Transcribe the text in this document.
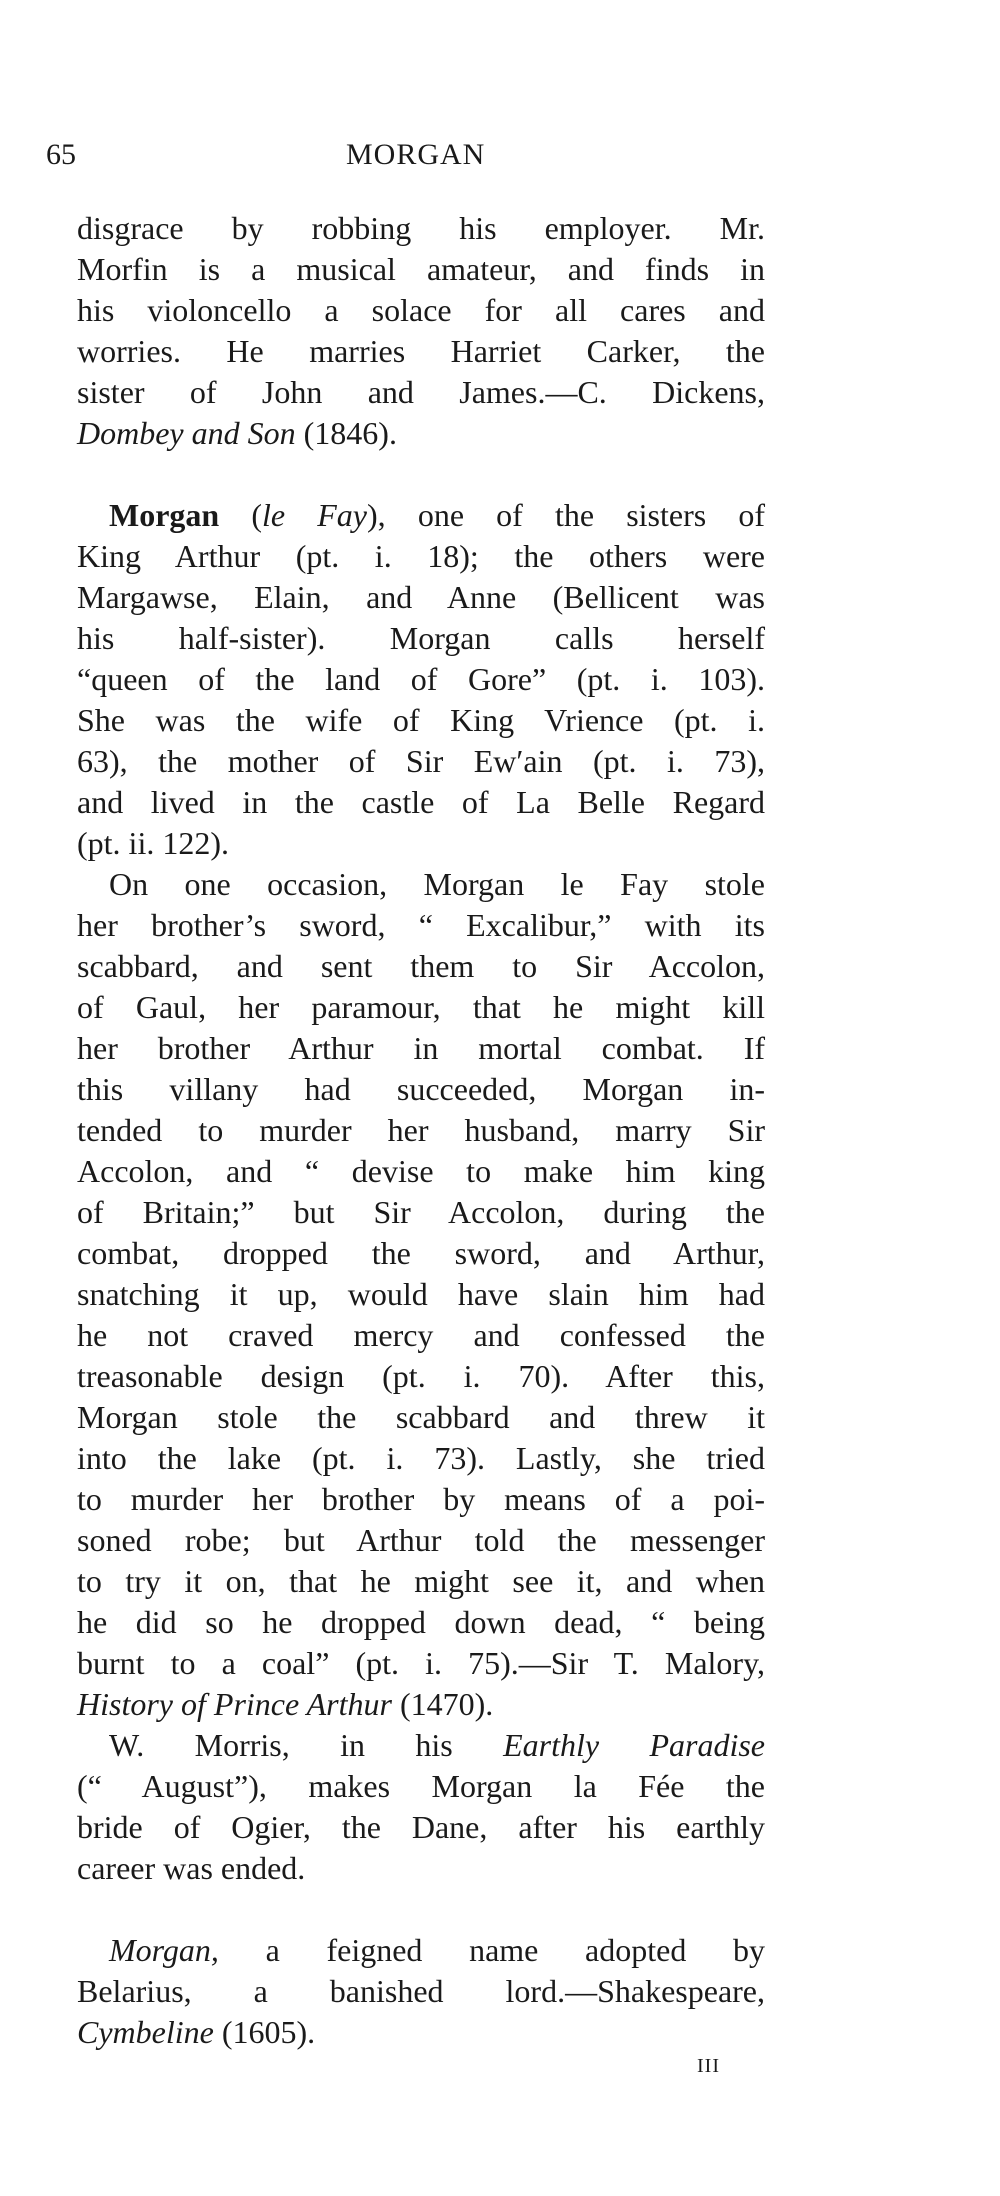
65	MORGAN
disgrace by robbing his employer. Mr.
Morfin is a musical amateur, and finds in
his violoncello a solace for all cares and
worries. He marries Harriet Carker, the
sister of John and James.—C. Dickens,
Dombey and Son (1846).
Morgan (le Fay), one of the sisters of
King Arthur (pt. i. 18); the others were
Margawse, Elain, and Anne (Bellicent was
his half-sister). Morgan calls herself
“queen of the land of Gore” (pt. i. 103).
She was the wife of King Vrience (pt. i.
63), the mother of Sir Ew′ain (pt. i. 73),
and lived in the castle of La Belle Regard
(pt. ii. 122).
On one occasion, Morgan le Fay stole
her brother’s sword, “ Excalibur,” with its
scabbard, and sent them to Sir Accolon,
of Gaul, her paramour, that he might kill
her brother Arthur in mortal combat. If
this villany had succeeded, Morgan in-
tended to murder her husband, marry Sir
Accolon, and “ devise to make him king
of Britain;” but Sir Accolon, during the
combat, dropped the sword, and Arthur,
snatching it up, would have slain him had
he not craved mercy and confessed the
treasonable design (pt. i. 70). After this,
Morgan stole the scabbard and threw it
into the lake (pt. i. 73). Lastly, she tried
to murder her brother by means of a poi-
soned robe; but Arthur told the messenger
to try it on, that he might see it, and when
he did so he dropped down dead, “ being
burnt to a coal” (pt. i. 75).—Sir T. Malory,
History of Prince Arthur (1470).
W. Morris, in his Earthly Paradise
(“ August”), makes Morgan la Fée the
bride of Ogier, the Dane, after his earthly
career was ended.
Morgan, a feigned name adopted by
Belarius, a banished lord.—Shakespeare,
Cymbeline (1605).
III
